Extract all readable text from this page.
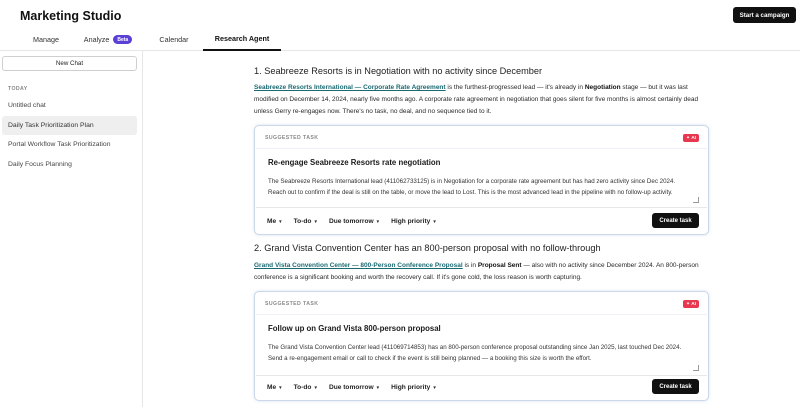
Marketing Studio	Start a campaign
Manage	Analyze	Beta	Calendar	Research Agent
New Chat
TODAY
Untitled chat
Daily Task Prioritization Plan
Portal Workflow Task Prioritization
Daily Focus Planning
1. Seabreeze Resorts is in Negotiation with no activity since December
Seabreeze Resorts International — Corporate Rate Agreement is the furthest-progressed lead — it's already in Negotiation stage — but it was last modified on December 14, 2024, nearly five months ago. A corporate rate agreement in negotiation that goes silent for five months is almost certainly dead unless Gerry re-engages now. There's no task, no deal, and no sequence tied to it.
SUGGESTED TASK	✦ AI
Re-engage Seabreeze Resorts rate negotiation
The Seabreeze Resorts International lead (411062733125) is in Negotiation for a corporate rate agreement but has had zero activity since Dec 2024. Reach out to confirm if the deal is still on the table, or move the lead to Lost. This is the most advanced lead in the pipeline with no follow-up activity.
Me ▼ To-do ▼ Due tomorrow ▼ High priority ▼	Create task
2. Grand Vista Convention Center has an 800-person proposal with no follow-through
Grand Vista Convention Center — 800-Person Conference Proposal is in Proposal Sent — also with no activity since December 2024. An 800-person conference is a significant booking and worth the recovery call. If it's gone cold, the loss reason is worth capturing.
SUGGESTED TASK	✦ AI
Follow up on Grand Vista 800-person proposal
The Grand Vista Convention Center lead (411069714853) has an 800-person conference proposal outstanding since Jan 2025, last touched Dec 2024. Send a re-engagement email or call to check if the event is still being planned — a booking this size is worth the effort.
Me ▼ To-do ▼ Due tomorrow ▼ High priority ▼	Create task
